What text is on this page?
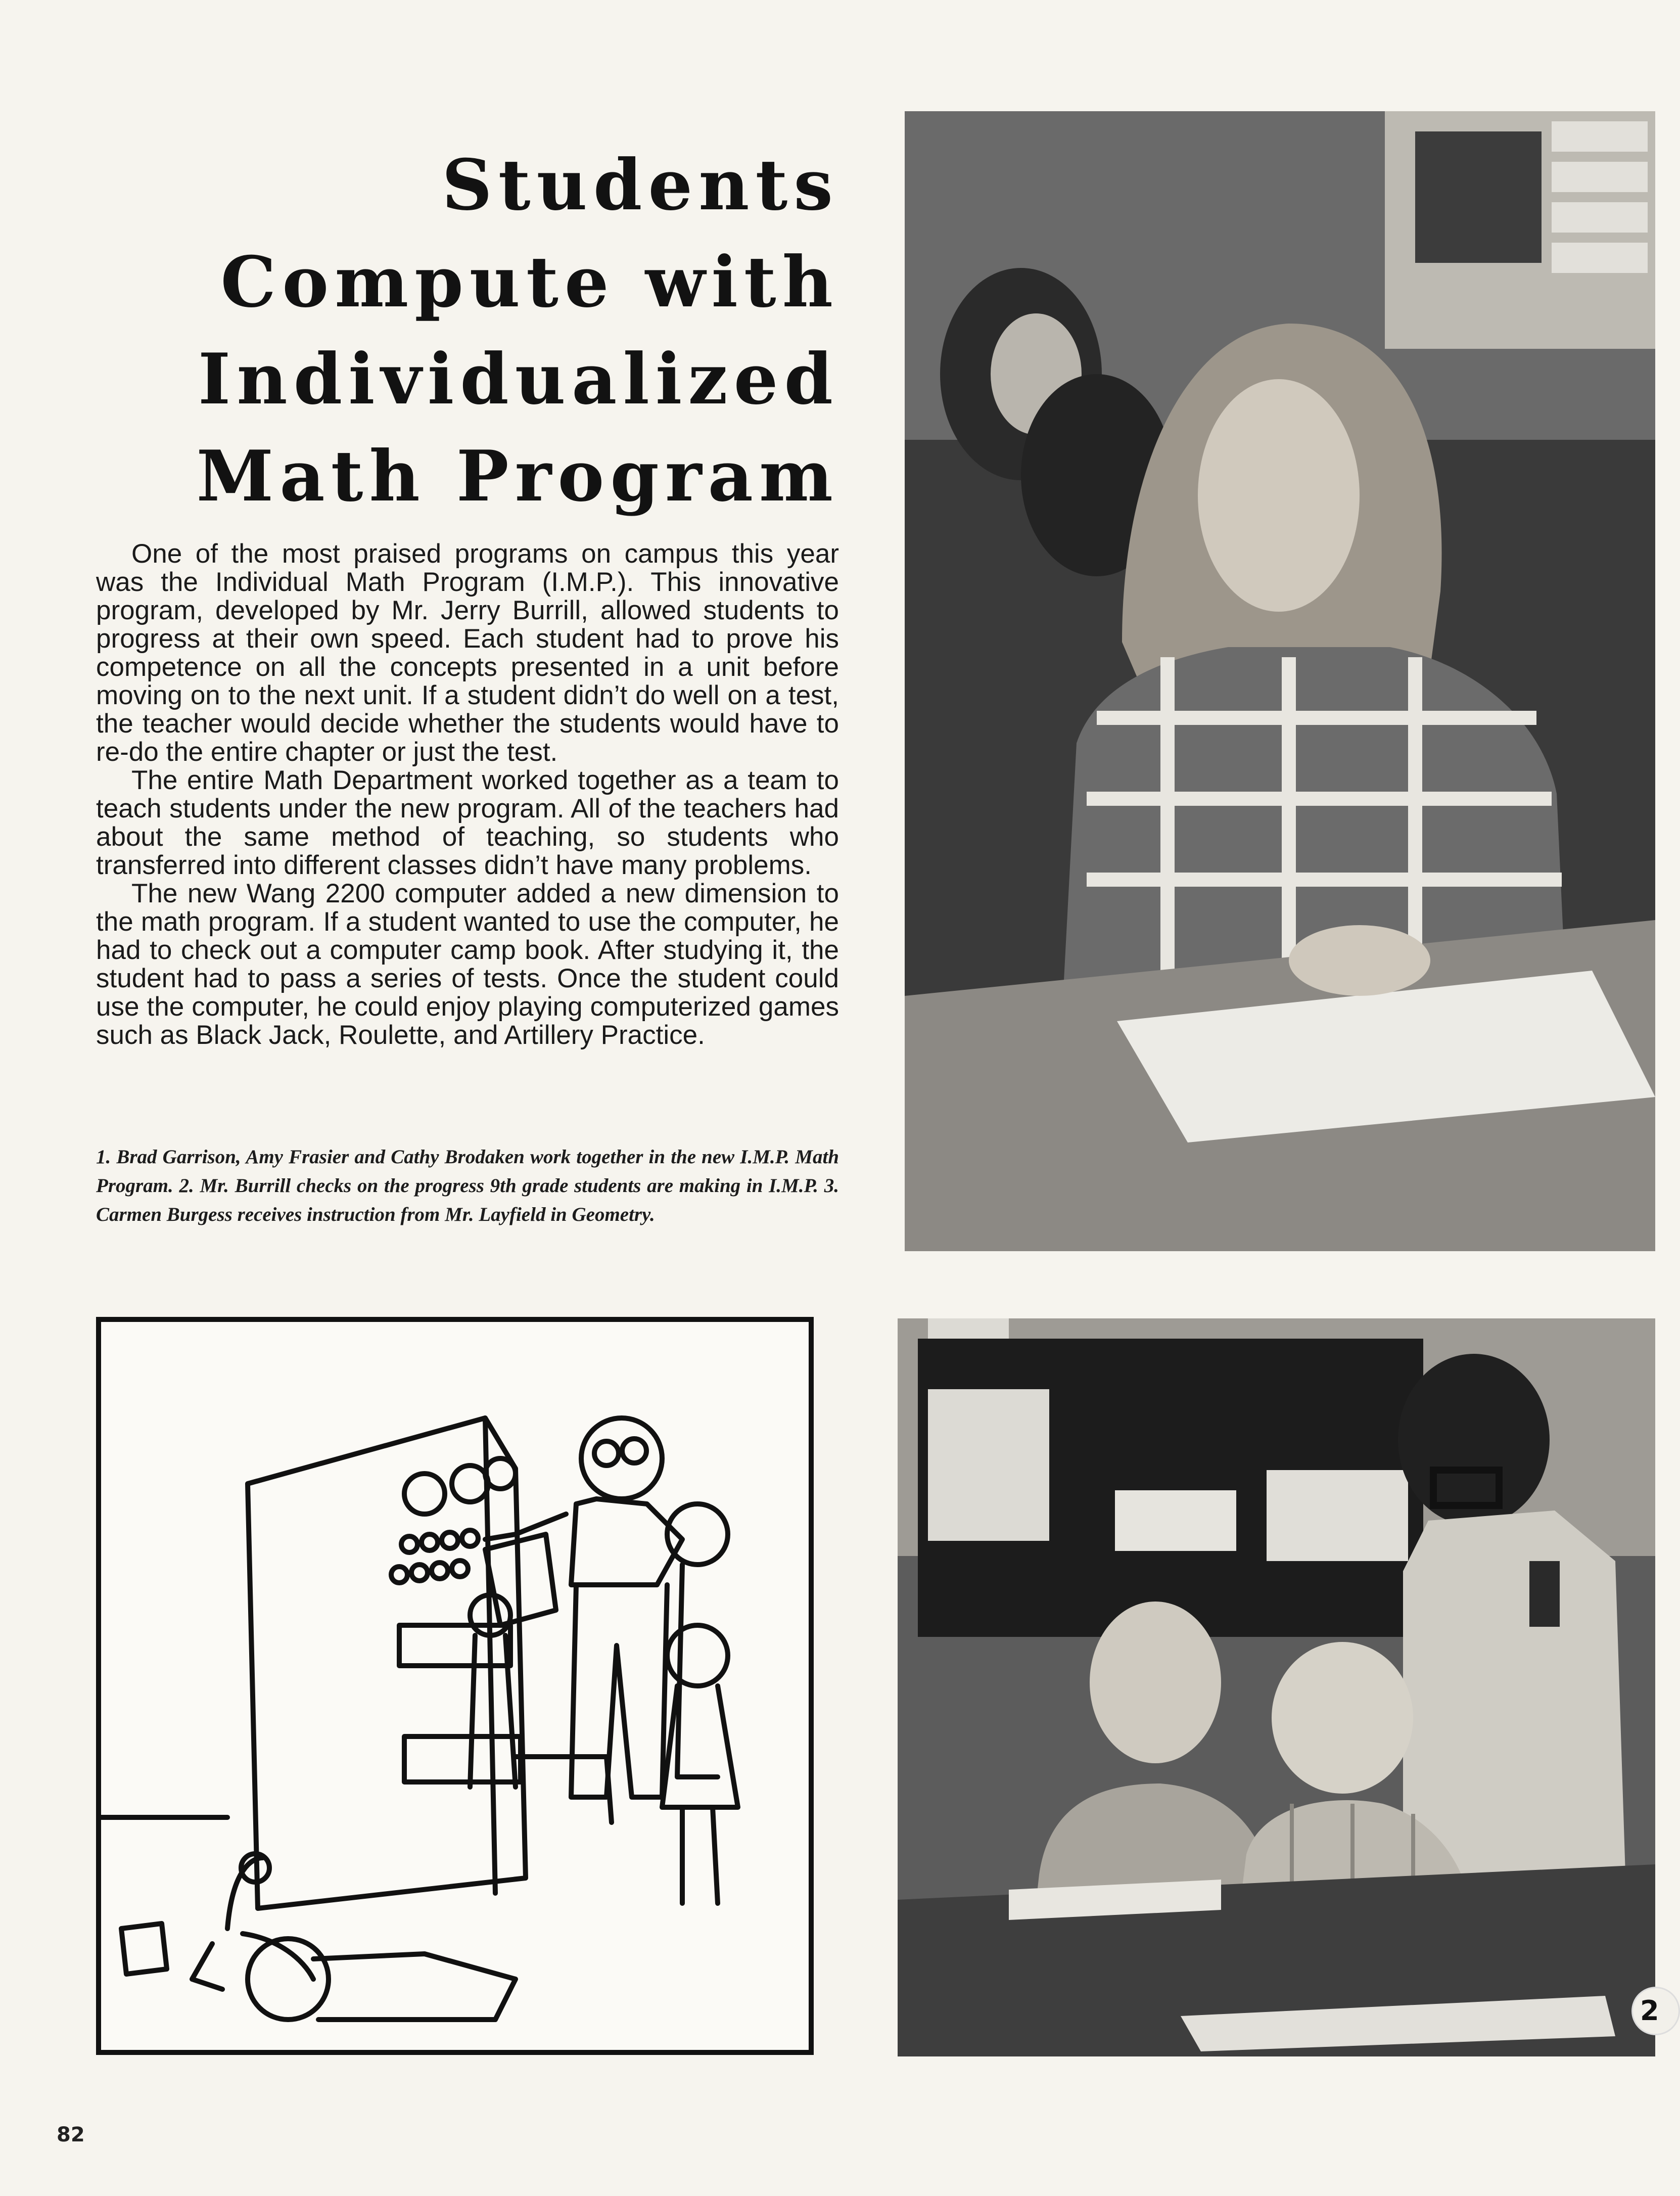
Students
Compute with
Individualized
Math Program

One of the most praised programs on campus this year was the Individual Math Program (I.M.P.). This innovative program, developed by Mr. Jerry Burrill, allowed students to progress at their own speed. Each student had to prove his competence on all the concepts presented in a unit before moving on to the next unit. If a student didn’t do well on a test, the teacher would decide whether the students would have to re-do the entire chapter or just the test.

The entire Math Department worked together as a team to teach students under the new program. All of the teachers had about the same method of teaching, so students who transferred into different classes didn’t have many problems.

The new Wang 2200 computer added a new dimension to the math program. If a student wanted to use the computer, he had to check out a computer camp book. After studying it, the student had to pass a series of tests. Once the student could use the computer, he could enjoy playing computerized games such as Black Jack, Roulette, and Artillery Practice.

1. Brad Garrison, Amy Frasier and Cathy Brodaken work together in the new I.M.P. Math Program. 2. Mr. Burrill checks on the progress 9th grade students are making in I.M.P. 3. Carmen Burgess receives instruction from Mr. Layfield in Geometry.
2
82
